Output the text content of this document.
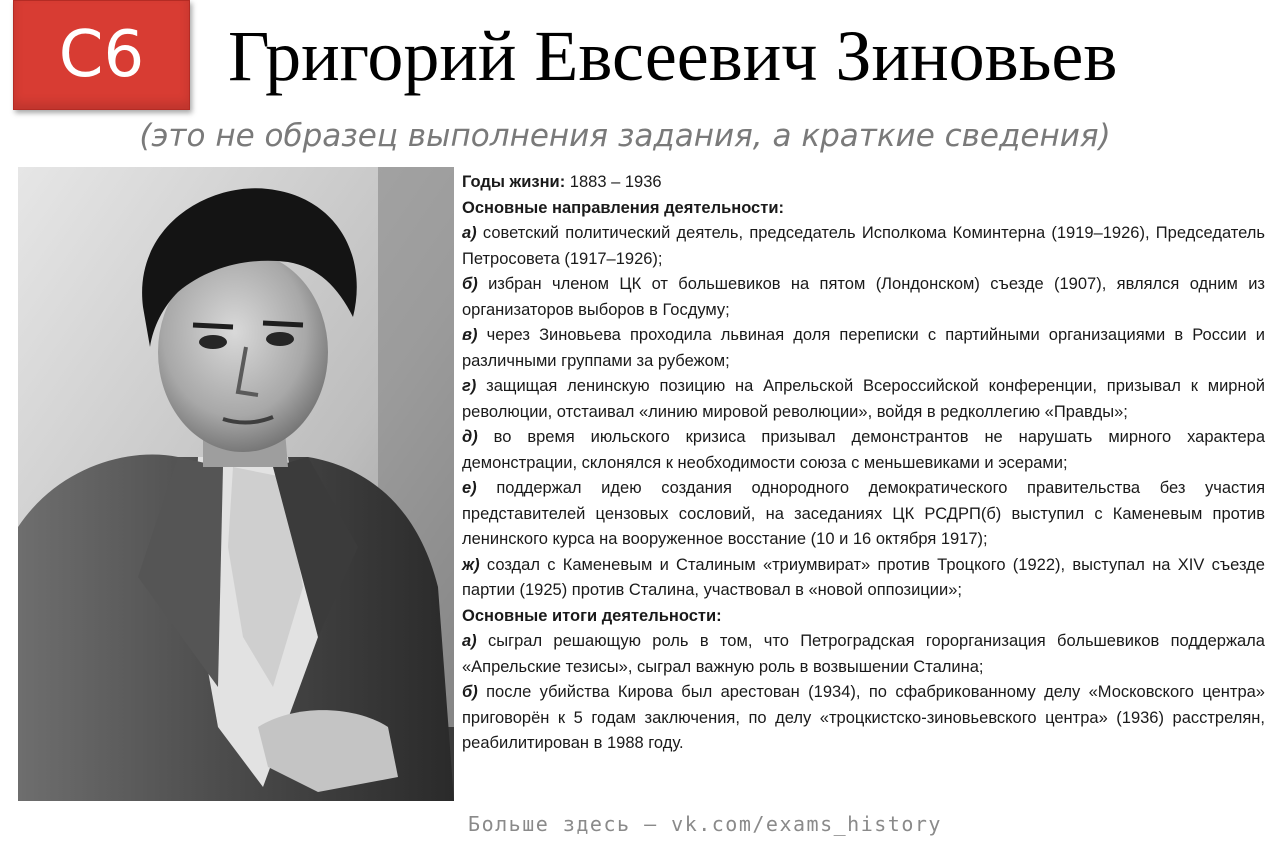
С6	Григорий Евсеевич Зиновьев
(это не образец выполнения задания, а краткие сведения)

Годы жизни: 1883 – 1936

Основные направления деятельности:

а) советский политический деятель, председатель Исполкома Коминтерна (1919–1926), Председатель Петросовета (1917–1926);

б) избран членом ЦК от большевиков на пятом (Лондонском) съезде (1907), являлся одним из организаторов выборов в Госдуму;

в) через Зиновьева проходила львиная доля переписки с партийными организациями в России и различными группами за рубежом;

г) защищая ленинскую позицию на Апрельской Всероссийской конференции, призывал к мирной революции, отстаивал «линию мировой революции», войдя в редколлегию «Правды»;

д) во время июльского кризиса призывал демонстрантов не нарушать мирного характера демонстрации, склонялся к необходимости союза с меньшевиками и эсерами;

е) поддержал идею создания однородного демократического правительства без участия представителей цензовых сословий, на заседаниях ЦК РСДРП(б) выступил с Каменевым против ленинского курса на вооруженное восстание (10 и 16 октября 1917);

ж) создал с Каменевым и Сталиным «триумвират» против Троцкого (1922), выступал на XIV съезде партии (1925) против Сталина, участвовал в «новой оппозиции»;

Основные итоги деятельности:

а) сыграл решающую роль в том, что Петроградская горорганизация большевиков поддержала «Апрельские тезисы», сыграл важную роль в возвышении Сталина;

б) после убийства Кирова был арестован (1934), по сфабрикованному делу «Московского центра» приговорён к 5 годам заключения, по делу «троцкистско-зиновьевского центра» (1936) расстрелян, реабилитирован в 1988 году.

Больше здесь — vk.com/exams_history
